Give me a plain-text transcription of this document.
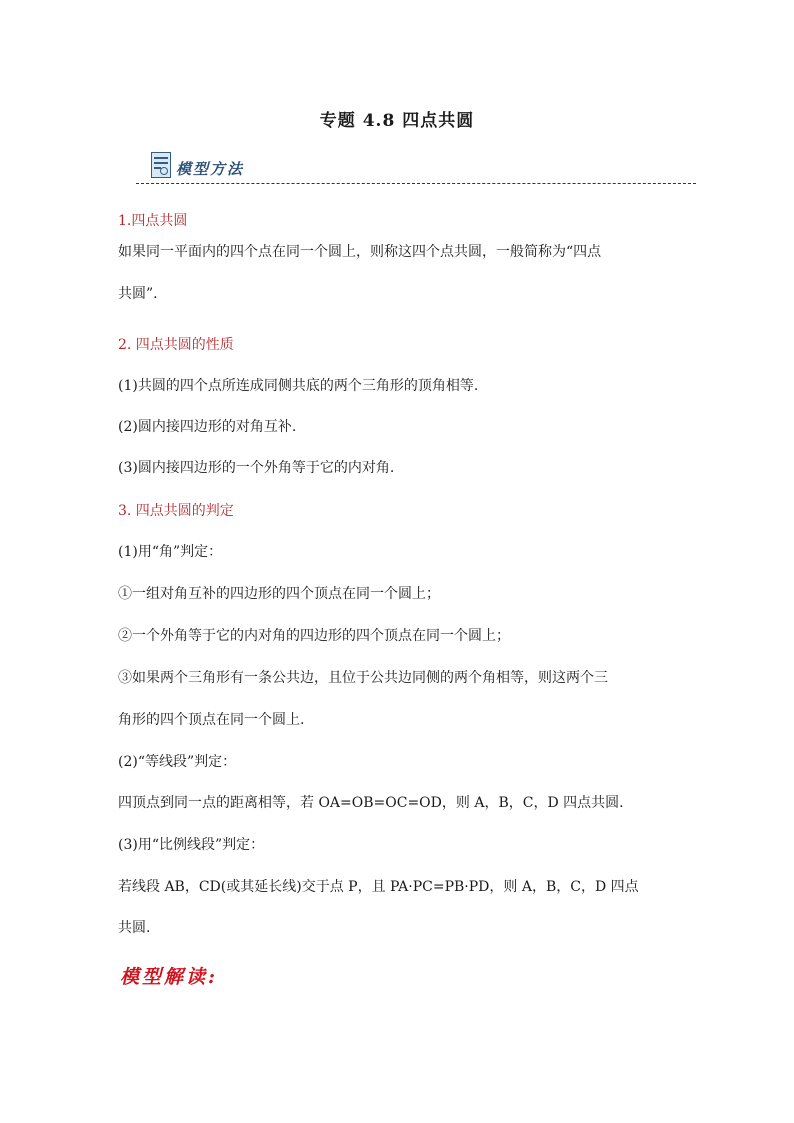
专题 4.8 四点共圆
模型方法
1.四点共圆
如果同一平面内的四个点在同一个圆上，则称这四个点共圆，一般简称为“四点
共圆”.
2. 四点共圆的性质
(1)共圆的四个点所连成同侧共底的两个三角形的顶角相等.
(2)圆内接四边形的对角互补.
(3)圆内接四边形的一个外角等于它的内对角.
3. 四点共圆的判定
(1)用“角”判定：
①一组对角互补的四边形的四个顶点在同一个圆上；
②一个外角等于它的内对角的四边形的四个顶点在同一个圆上；
③如果两个三角形有一条公共边，且位于公共边同侧的两个角相等，则这两个三
角形的四个顶点在同一个圆上.
(2)“等线段”判定：
四顶点到同一点的距离相等，若 OA=OB=OC=OD，则 A，B，C，D 四点共圆.
(3)用“比例线段”判定：
若线段 AB，CD(或其延长线)交于点 P，且 PA·PC=PB·PD，则 A，B，C，D 四点
共圆.
模型解读:
